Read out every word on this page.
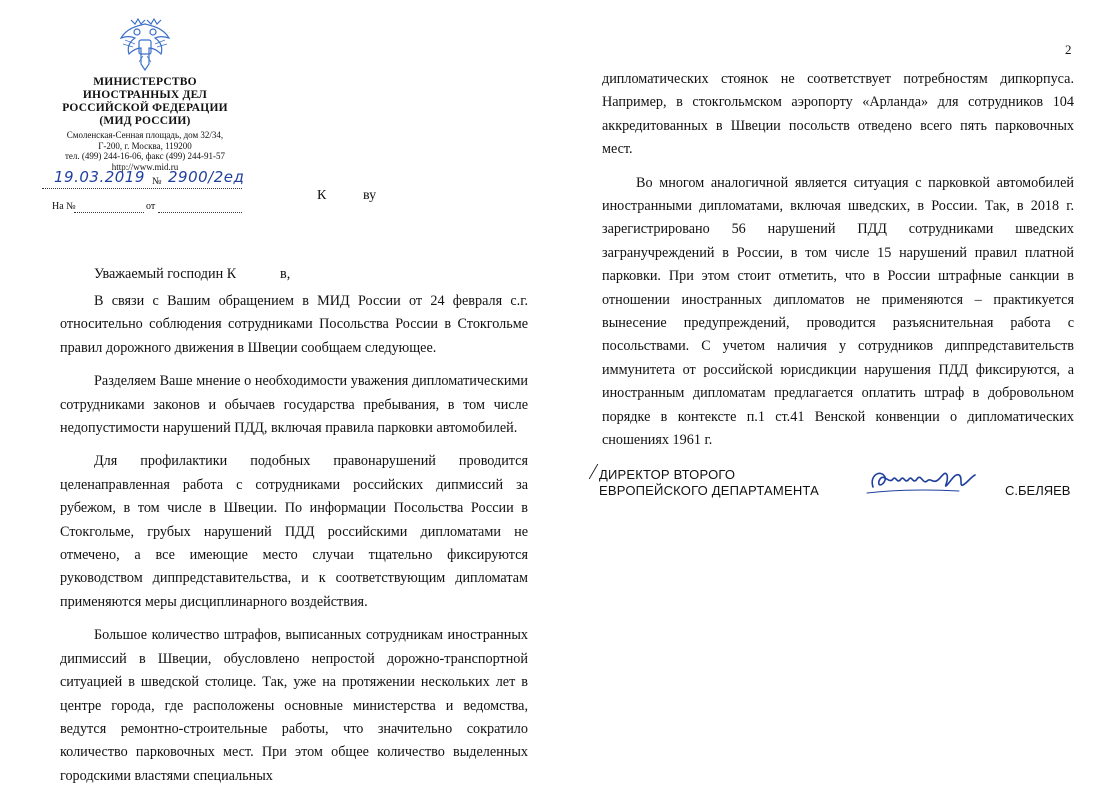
МИНИСТЕРСТВО
ИНОСТРАННЫХ ДЕЛ
РОССИЙСКОЙ ФЕДЕРАЦИИ
(МИД РОССИИ)
Смоленская-Сенная площадь, дом 32/34,
Г-200, г. Москва, 119200
тел. (499) 244-16-06, факс (499) 244-91-57
http://www.mid.ru
19.03.2019 № 2900/2ед
На №	от
К	ву
Уважаемый господин К	в,

В связи с Вашим обращением в МИД России от 24 февраля с.г. относительно соблюдения сотрудниками Посольства России в Стокгольме правил дорожного движения в Швеции сообщаем следующее.

Разделяем Ваше мнение о необходимости уважения дипломатическими сотрудниками законов и обычаев государства пребывания, в том числе недопустимости нарушений ПДД, включая правила парковки автомобилей.

Для профилактики подобных правонарушений проводится целенаправленная работа с сотрудниками российских дипмиссий за рубежом, в том числе в Швеции. По информации Посольства России в Стокгольме, грубых нарушений ПДД российскими дипломатами не отмечено, а все имеющие место случаи тщательно фиксируются руководством диппредставительства, и к соответствующим дипломатам применяются меры дисциплинарного воздействия.

Большое количество штрафов, выписанных сотрудникам иностранных дипмиссий в Швеции, обусловлено непростой дорожно-транспортной ситуацией в шведской столице. Так, уже на протяжении нескольких лет в центре города, где расположены основные министерства и ведомства, ведутся ремонтно-строительные работы, что значительно сократило количество парковочных мест. При этом общее количество выделенных городскими властями специальных

2

дипломатических стоянок не соответствует потребностям дипкорпуса. Например, в стокгольмском аэропорту «Арланда» для сотрудников 104 аккредитованных в Швеции посольств отведено всего пять парковочных мест.

Во многом аналогичной является ситуация с парковкой автомобилей иностранными дипломатами, включая шведских, в России. Так, в 2018 г. зарегистрировано 56 нарушений ПДД сотрудниками шведских загранучреждений в России, в том числе 15 нарушений правил платной парковки. При этом стоит отметить, что в России штрафные санкции в отношении иностранных дипломатов не применяются – практикуется вынесение предупреждений, проводится разъяснительная работа с посольствами. С учетом наличия у сотрудников диппредставительств иммунитета от российской юрисдикции нарушения ПДД фиксируются, а иностранным дипломатам предлагается оплатить штраф в добровольном порядке в контексте п.1 ст.41 Венской конвенции о дипломатических сношениях 1961 г.

ДИРЕКТОР ВТОРОГО
ЕВРОПЕЙСКОГО ДЕПАРТАМЕНТА	С.БЕЛЯЕВ
